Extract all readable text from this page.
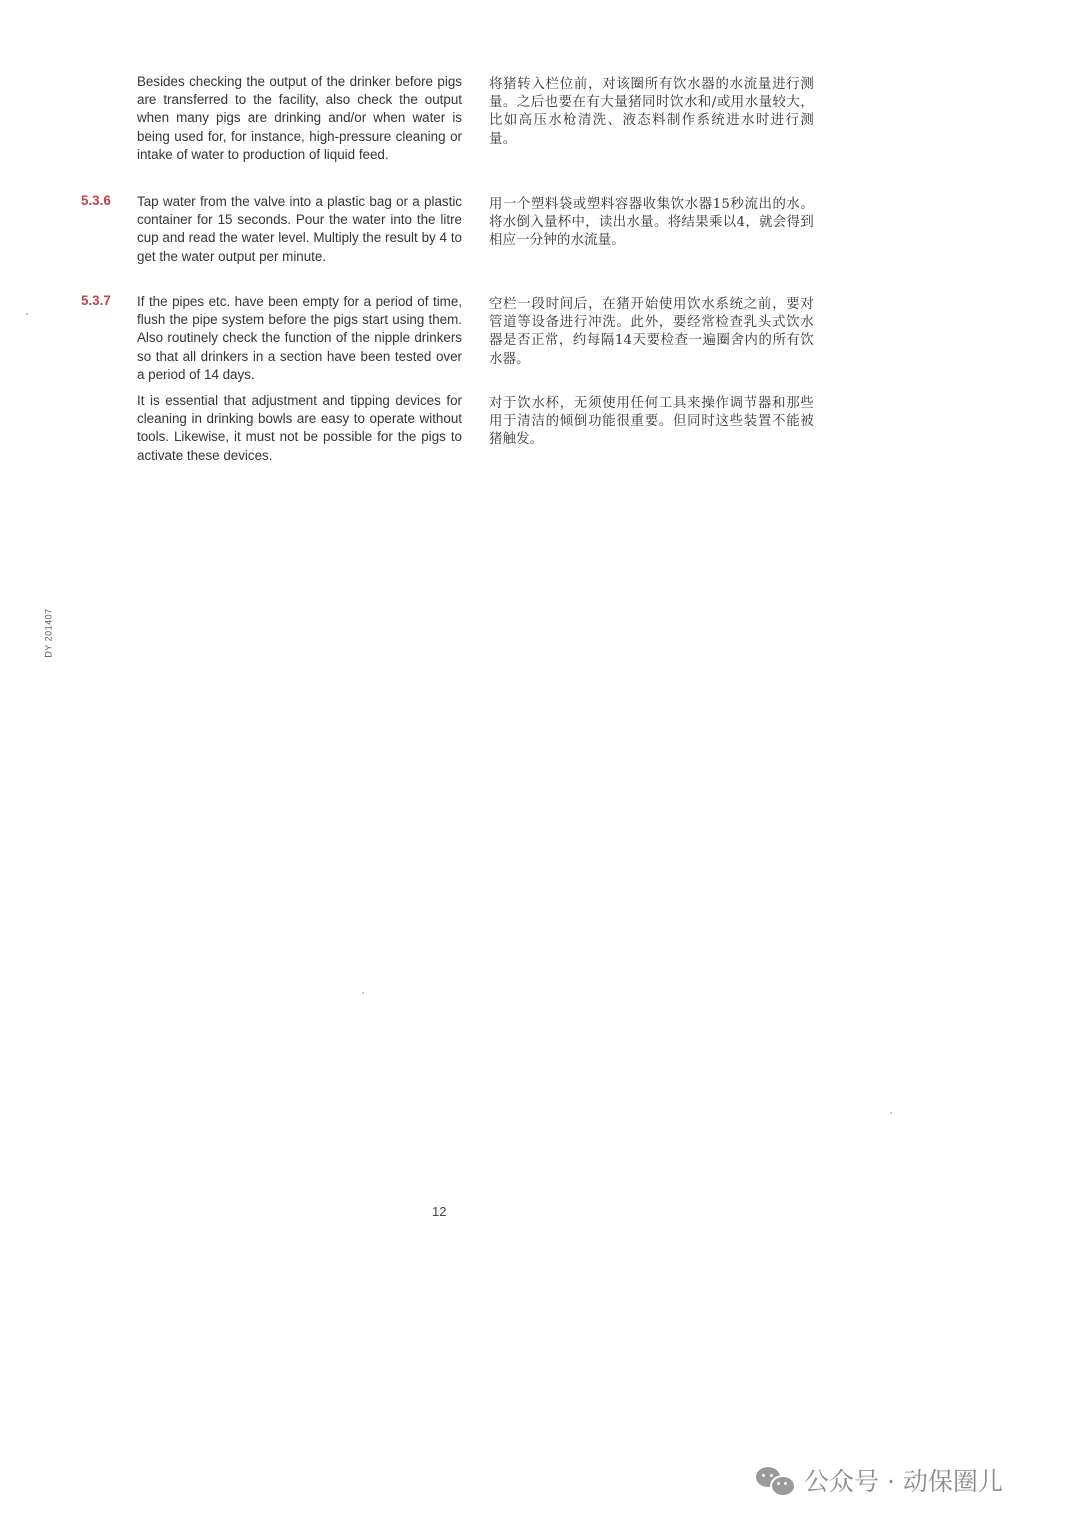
Besides checking the output of the drinker before pigs are transferred to the facility, also check the output when many pigs are drinking and/or when water is being used for, for instance, high-pressure cleaning or intake of water to production of liquid feed.
将猪转入栏位前，对该圈所有饮水器的水流量进行测量。之后也要在有大量猪同时饮水和/或用水量较大，比如高压水枪清洗、液态料制作系统进水时进行测量。
5.3.6 Tap water from the valve into a plastic bag or a plastic container for 15 seconds. Pour the water into the litre cup and read the water level. Multiply the result by 4 to get the water output per minute.
用一个塑料袋或塑料容器收集饮水器15秒流出的水。将水倒入量杯中，读出水量。将结果乘以4，就会得到相应一分钟的水流量。
5.3.7 If the pipes etc. have been empty for a period of time, flush the pipe system before the pigs start using them. Also routinely check the function of the nipple drinkers so that all drinkers in a section have been tested over a period of 14 days.
空栏一段时间后，在猪开始使用饮水系统之前，要对管道等设备进行冲洗。此外，要经常检查乳头式饮水器是否正常，约每隔14天要检查一遍圈舍内的所有饮水器。
It is essential that adjustment and tipping devices for cleaning in drinking bowls are easy to operate without tools. Likewise, it must not be possible for the pigs to activate these devices.
对于饮水杯，无须使用任何工具来操作调节器和那些用于清洁的倾倒功能很重要。但同时这些装置不能被猪触发。
DY 201407
12
公众号 · 动保圈儿
